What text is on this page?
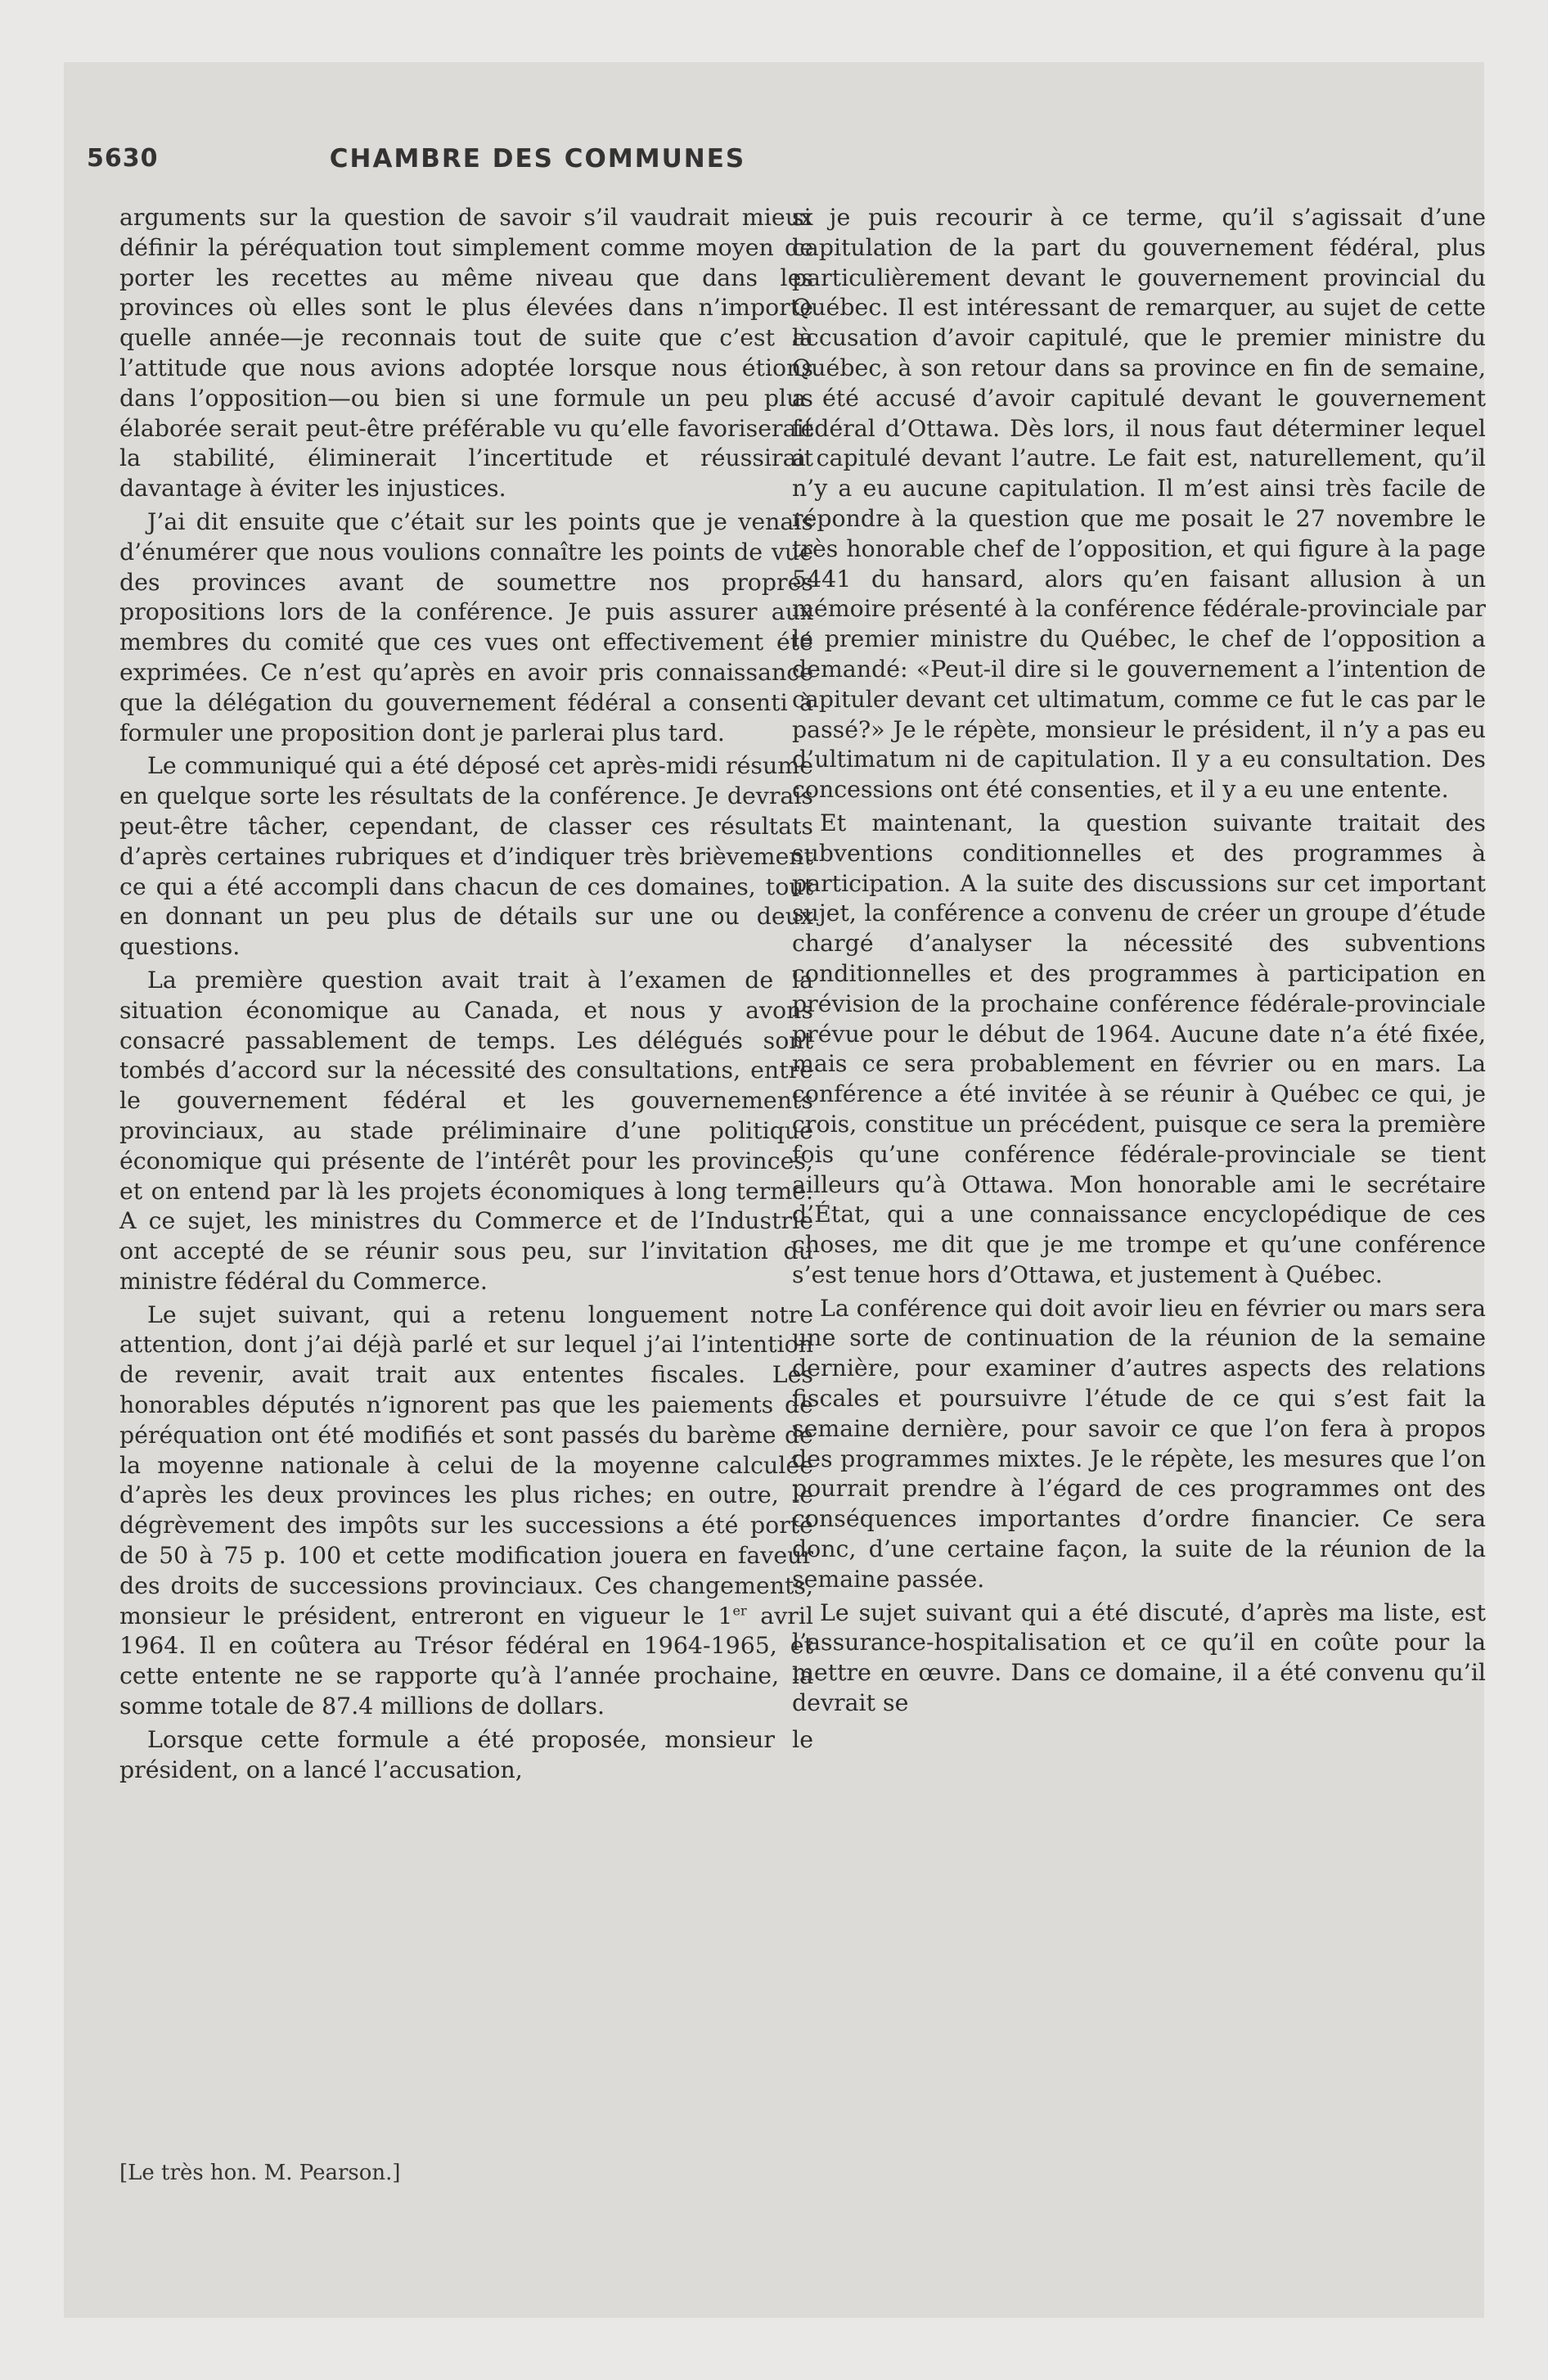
5630	CHAMBRE DES COMMUNES

arguments sur la question de savoir s’il vaudrait mieux définir la péréquation tout simplement comme moyen de porter les recettes au même niveau que dans les provinces où elles sont le plus élevées dans n’importe quelle année—je reconnais tout de suite que c’est là l’attitude que nous avions adoptée lorsque nous étions dans l’opposition—ou bien si une formule un peu plus élaborée serait peut-être préférable vu qu’elle favoriserait la stabilité, éliminerait l’incertitude et réussirait davantage à éviter les injustices.

J’ai dit ensuite que c’était sur les points que je venais d’énumérer que nous voulions connaître les points de vue des provinces avant de soumettre nos propres propositions lors de la conférence. Je puis assurer aux membres du comité que ces vues ont effectivement été exprimées. Ce n’est qu’après en avoir pris connaissance que la délégation du gouvernement fédéral a consenti à formuler une proposition dont je parlerai plus tard.

Le communiqué qui a été déposé cet après-midi résume en quelque sorte les résultats de la conférence. Je devrais peut-être tâcher, cependant, de classer ces résultats d’après certaines rubriques et d’indiquer très brièvement ce qui a été accompli dans chacun de ces domaines, tout en donnant un peu plus de détails sur une ou deux questions.

La première question avait trait à l’examen de la situation économique au Canada, et nous y avons consacré passablement de temps. Les délégués sont tombés d’accord sur la nécessité des consultations, entre le gouvernement fédéral et les gouvernements provinciaux, au stade préliminaire d’une politique économique qui présente de l’intérêt pour les provinces, et on entend par là les projets économiques à long terme. A ce sujet, les ministres du Commerce et de l’Industrie ont accepté de se réunir sous peu, sur l’invitation du ministre fédéral du Commerce.

Le sujet suivant, qui a retenu longuement notre attention, dont j’ai déjà parlé et sur lequel j’ai l’intention de revenir, avait trait aux ententes fiscales. Les honorables députés n’ignorent pas que les paiements de péréquation ont été modifiés et sont passés du barème de la moyenne nationale à celui de la moyenne calculée d’après les deux provinces les plus riches; en outre, le dégrèvement des impôts sur les successions a été porté de 50 à 75 p. 100 et cette modification jouera en faveur des droits de successions provinciaux. Ces changements, monsieur le président, entreront en vigueur le 1er avril 1964. Il en coûtera au Trésor fédéral en 1964-1965, et cette entente ne se rapporte qu’à l’année prochaine, la somme totale de 87.4 millions de dollars.

Lorsque cette formule a été proposée, monsieur le président, on a lancé l’accusation,

si je puis recourir à ce terme, qu’il s’agissait d’une capitulation de la part du gouvernement fédéral, plus particulièrement devant le gouvernement provincial du Québec. Il est intéressant de remarquer, au sujet de cette accusation d’avoir capitulé, que le premier ministre du Québec, à son retour dans sa province en fin de semaine, a été accusé d’avoir capitulé devant le gouvernement fédéral d’Ottawa. Dès lors, il nous faut déterminer lequel a capitulé devant l’autre. Le fait est, naturellement, qu’il n’y a eu aucune capitulation. Il m’est ainsi très facile de répondre à la question que me posait le 27 novembre le très honorable chef de l’opposition, et qui figure à la page 5441 du hansard, alors qu’en faisant allusion à un mémoire présenté à la conférence fédérale-provinciale par le premier ministre du Québec, le chef de l’opposition a demandé: «Peut-il dire si le gouvernement a l’intention de capituler devant cet ultimatum, comme ce fut le cas par le passé?» Je le répète, monsieur le président, il n’y a pas eu d’ultimatum ni de capitulation. Il y a eu consultation. Des concessions ont été consenties, et il y a eu une entente.

Et maintenant, la question suivante traitait des subventions conditionnelles et des programmes à participation. A la suite des discussions sur cet important sujet, la conférence a convenu de créer un groupe d’étude chargé d’analyser la nécessité des subventions conditionnelles et des programmes à participation en prévision de la prochaine conférence fédérale-provinciale prévue pour le début de 1964. Aucune date n’a été fixée, mais ce sera probablement en février ou en mars. La conférence a été invitée à se réunir à Québec ce qui, je crois, constitue un précédent, puisque ce sera la première fois qu’une conférence fédérale-provinciale se tient ailleurs qu’à Ottawa. Mon honorable ami le secrétaire d’État, qui a une connaissance encyclopédique de ces choses, me dit que je me trompe et qu’une conférence s’est tenue hors d’Ottawa, et justement à Québec.

La conférence qui doit avoir lieu en février ou mars sera une sorte de continuation de la réunion de la semaine dernière, pour examiner d’autres aspects des relations fiscales et poursuivre l’étude de ce qui s’est fait la semaine dernière, pour savoir ce que l’on fera à propos des programmes mixtes. Je le répète, les mesures que l’on pourrait prendre à l’égard de ces programmes ont des conséquences importantes d’ordre financier. Ce sera donc, d’une certaine façon, la suite de la réunion de la semaine passée.

Le sujet suivant qui a été discuté, d’après ma liste, est l’assurance-hospitalisation et ce qu’il en coûte pour la mettre en œuvre. Dans ce domaine, il a été convenu qu’il devrait se

[Le très hon. M. Pearson.]
